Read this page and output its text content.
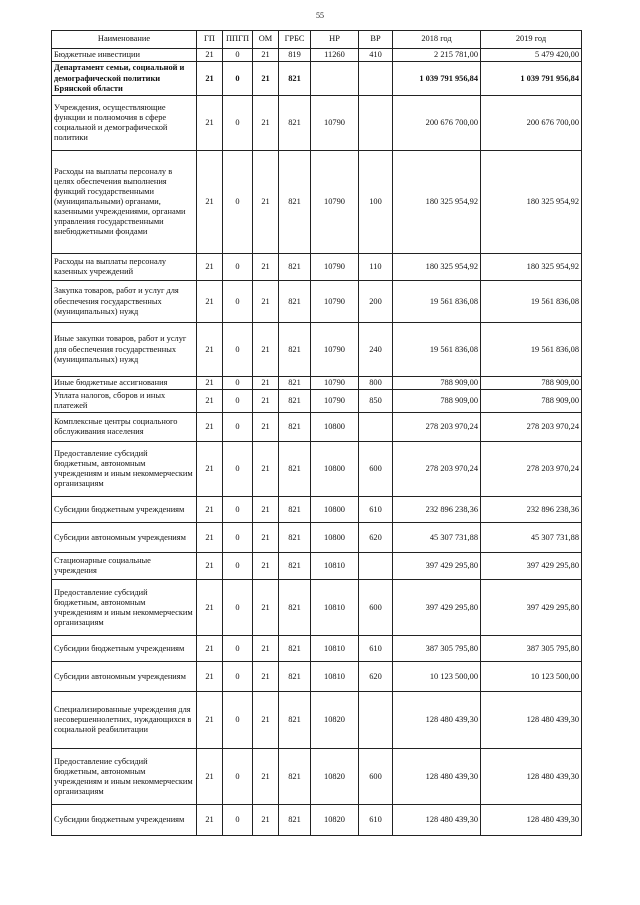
55
Наименование	ГП	ППГП	ОМ	ГРБС	НР	ВР	2018 год	2019 год
Бюджетные инвестиции	21	0	21	819	11260	410	2 215 781,00	5 479 420,00
Департамент семьи, социальной и демографической политики Брянской области	21	0	21	821			1 039 791 956,84	1 039 791 956,84
Учреждения, осуществляющие функции и полномочия в сфере социальной и демографической политики	21	0	21	821	10790		200 676 700,00	200 676 700,00
Расходы на выплаты персоналу в целях обеспечения выполнения функций государственными (муниципальными) органами, казенными учреждениями, органами управления государственными внебюджетными фондами	21	0	21	821	10790	100	180 325 954,92	180 325 954,92
Расходы на выплаты персоналу казенных учреждений	21	0	21	821	10790	110	180 325 954,92	180 325 954,92
Закупка товаров, работ и услуг для обеспечения государственных (муниципальных) нужд	21	0	21	821	10790	200	19 561 836,08	19 561 836,08
Иные закупки товаров, работ и услуг для обеспечения государственных (муниципальных) нужд	21	0	21	821	10790	240	19 561 836,08	19 561 836,08
Иные бюджетные ассигнования	21	0	21	821	10790	800	788 909,00	788 909,00
Уплата налогов, сборов и иных платежей	21	0	21	821	10790	850	788 909,00	788 909,00
Комплексные центры социального обслуживания населения	21	0	21	821	10800		278 203 970,24	278 203 970,24
Предоставление субсидий бюджетным, автономным учреждениям и иным некоммерческим организациям	21	0	21	821	10800	600	278 203 970,24	278 203 970,24
Субсидии бюджетным учреждениям	21	0	21	821	10800	610	232 896 238,36	232 896 238,36
Субсидии автономным учреждениям	21	0	21	821	10800	620	45 307 731,88	45 307 731,88
Стационарные социальные учреждения	21	0	21	821	10810		397 429 295,80	397 429 295,80
Предоставление субсидий бюджетным, автономным учреждениям и иным некоммерческим организациям	21	0	21	821	10810	600	397 429 295,80	397 429 295,80
Субсидии бюджетным учреждениям	21	0	21	821	10810	610	387 305 795,80	387 305 795,80
Субсидии автономным учреждениям	21	0	21	821	10810	620	10 123 500,00	10 123 500,00
Специализированные учреждения для несовершеннолетних, нуждающихся в социальной реабилитации	21	0	21	821	10820		128 480 439,30	128 480 439,30
Предоставление субсидий бюджетным, автономным учреждениям и иным некоммерческим организациям	21	0	21	821	10820	600	128 480 439,30	128 480 439,30
Субсидии бюджетным учреждениям	21	0	21	821	10820	610	128 480 439,30	128 480 439,30
